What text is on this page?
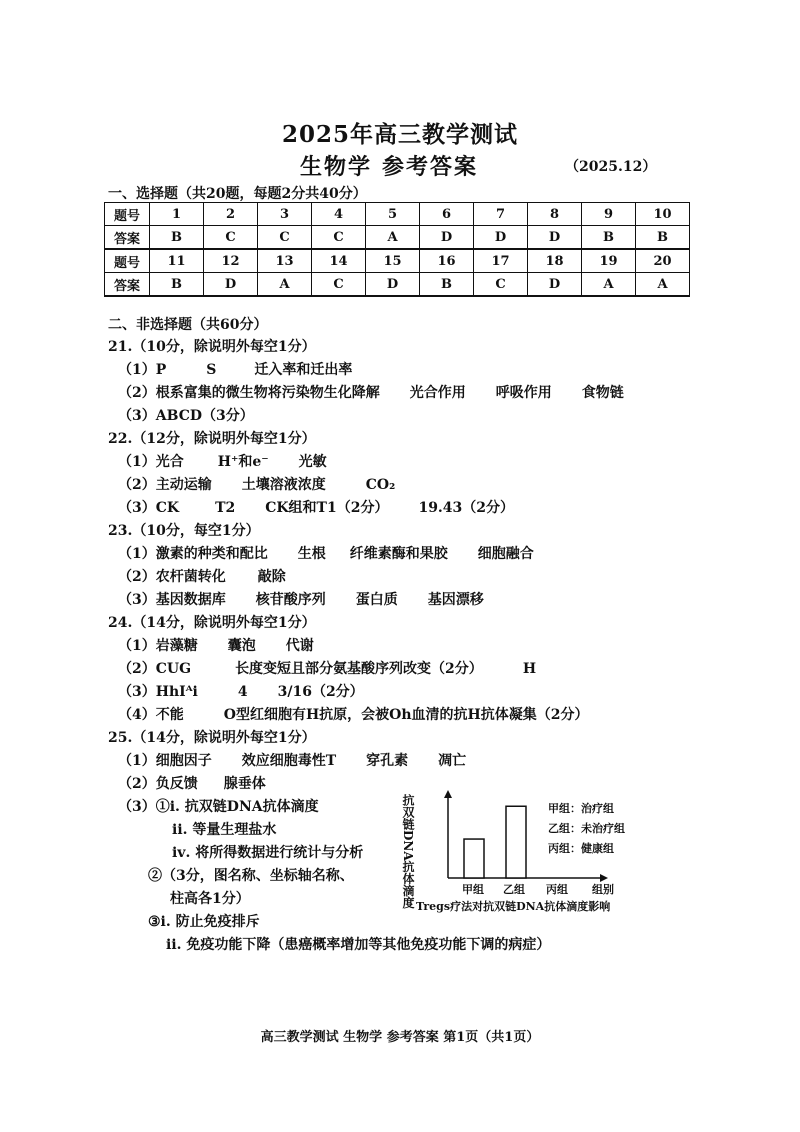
2025年高三教学测试
生物学 参考答案	（2025.12）
一、选择题（共20题，每题2分共40分）
题号	1	2	3	4	5	6	7	8	9	10
答案	B	C	C	C	A	D	D	D	B	B
题号	11	12	13	14	15	16	17	18	19	20
答案	B	D	A	C	D	B	C	D	A	A
二、非选择题（共60分）
21.（10分，除说明外每空1分）
（1）P	S	迁入率和迁出率
（2）根系富集的微生物将污染物生化降解 光合作用 呼吸作用 食物链
（3）ABCD（3分）
22.（12分，除说明外每空1分）
（1）光合 H⁺和e⁻ 光敏
（2）主动运输 土壤溶液浓度	CO₂
（3）CK	T2 CK组和T1（2分） 19.43（2分）
23.（10分，每空1分）
（1）激素的种类和配比 生根 纤维素酶和果胶 细胞融合
（2）农杆菌转化 敲除
（3）基因数据库 核苷酸序列 蛋白质 基因漂移
24.（14分，除说明外每空1分）
（1）岩藻糖 囊泡 代谢
（2）CUG	长度变短且部分氨基酸序列改变（2分）	H
（3）HhIᴬi	4 3/16（2分）
（4）不能	O型红细胞有H抗原，会被Oh血清的抗H抗体凝集（2分）
25.（14分，除说明外每空1分）
（1）细胞因子 效应细胞毒性T 穿孔素 凋亡
（2）负反馈 腺垂体
（3）①ⅰ. 抗双链DNA抗体滴度
ⅱ. 等量生理盐水
ⅳ. 将所得数据进行统计与分析
②（3分，图名称、坐标轴名称、
柱高各1分）
③ⅰ. 防止免疫排斥
ⅱ. 免疫功能下降（患癌概率增加等其他免疫功能下调的病症）
抗双链DNA抗体滴度	甲组 乙组 丙组 组别
甲组：治疗组
乙组：未治疗组
丙组：健康组
Tregs疗法对抗双链DNA抗体滴度影响
高三教学测试 生物学 参考答案 第1页（共1页）
